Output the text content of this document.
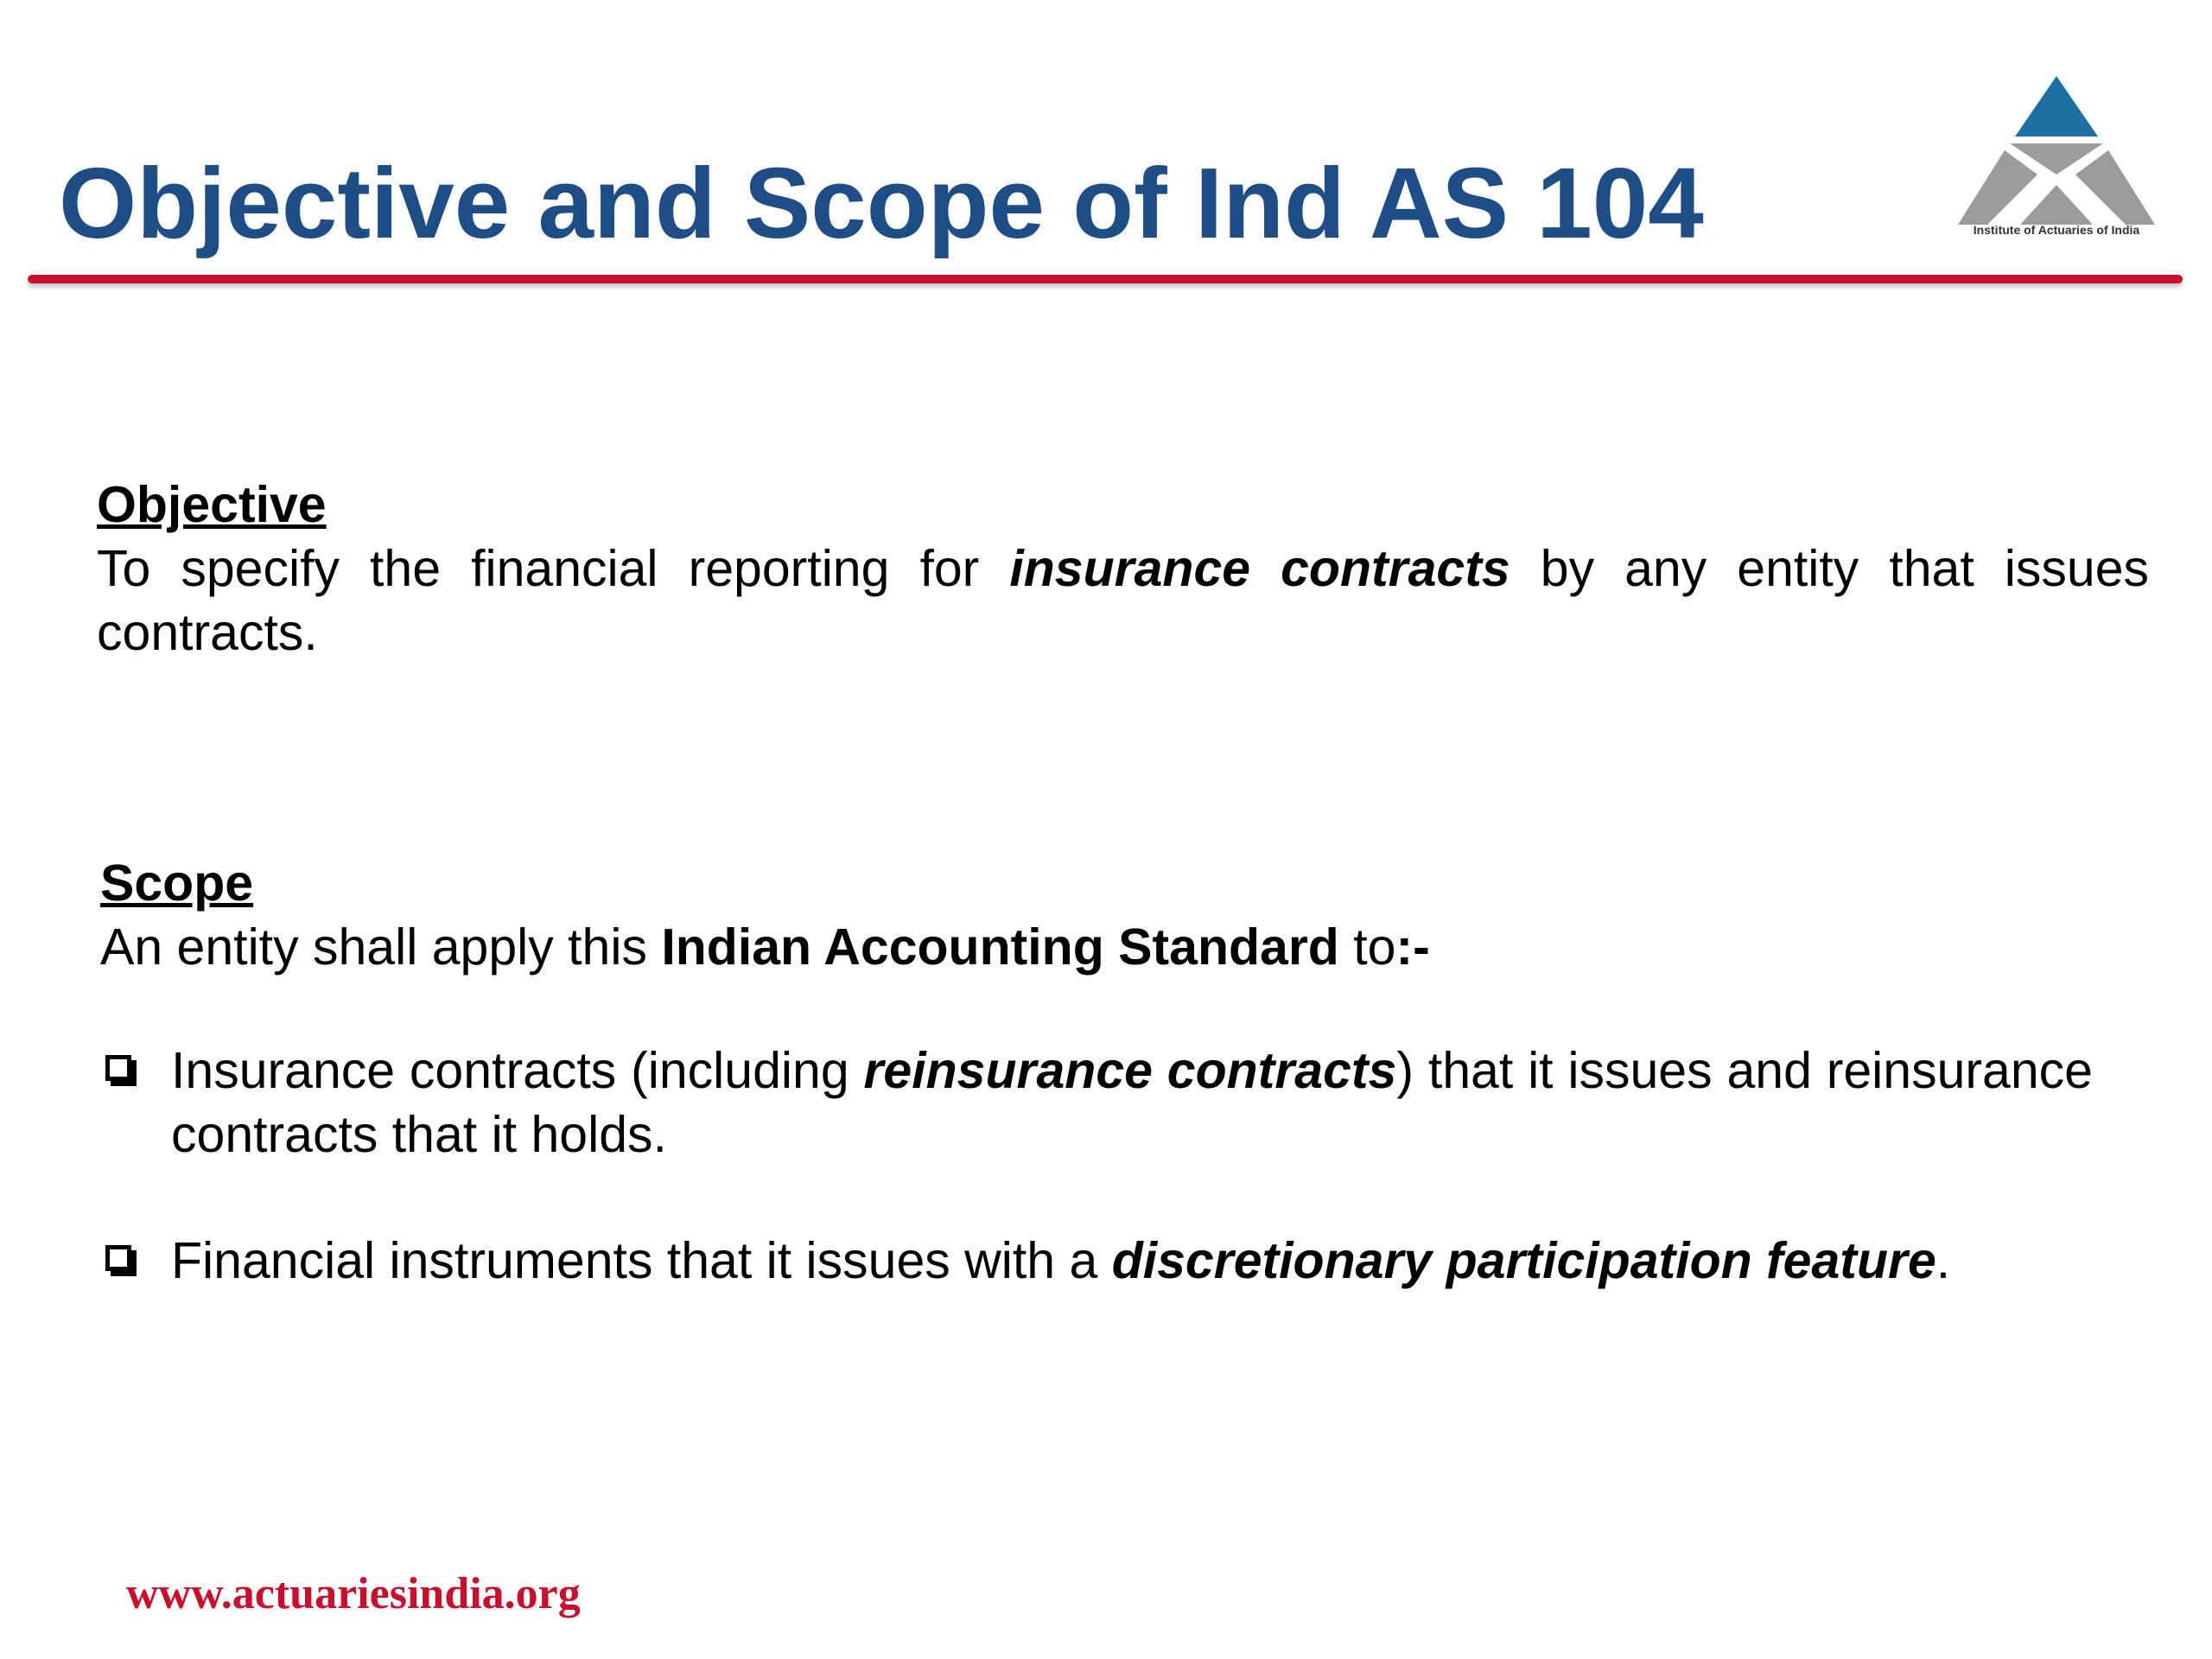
Objective and Scope of Ind AS 104	Institute of Actuaries of India

Objective

To specify the financial reporting for insurance contracts by any entity that issues contracts.

Scope

An entity shall apply this Indian Accounting Standard to:-
Insurance contracts (including reinsurance contracts) that it issues and reinsurance contracts that it holds.
Financial instruments that it issues with a discretionary participation feature.
www.actuariesindia.org
